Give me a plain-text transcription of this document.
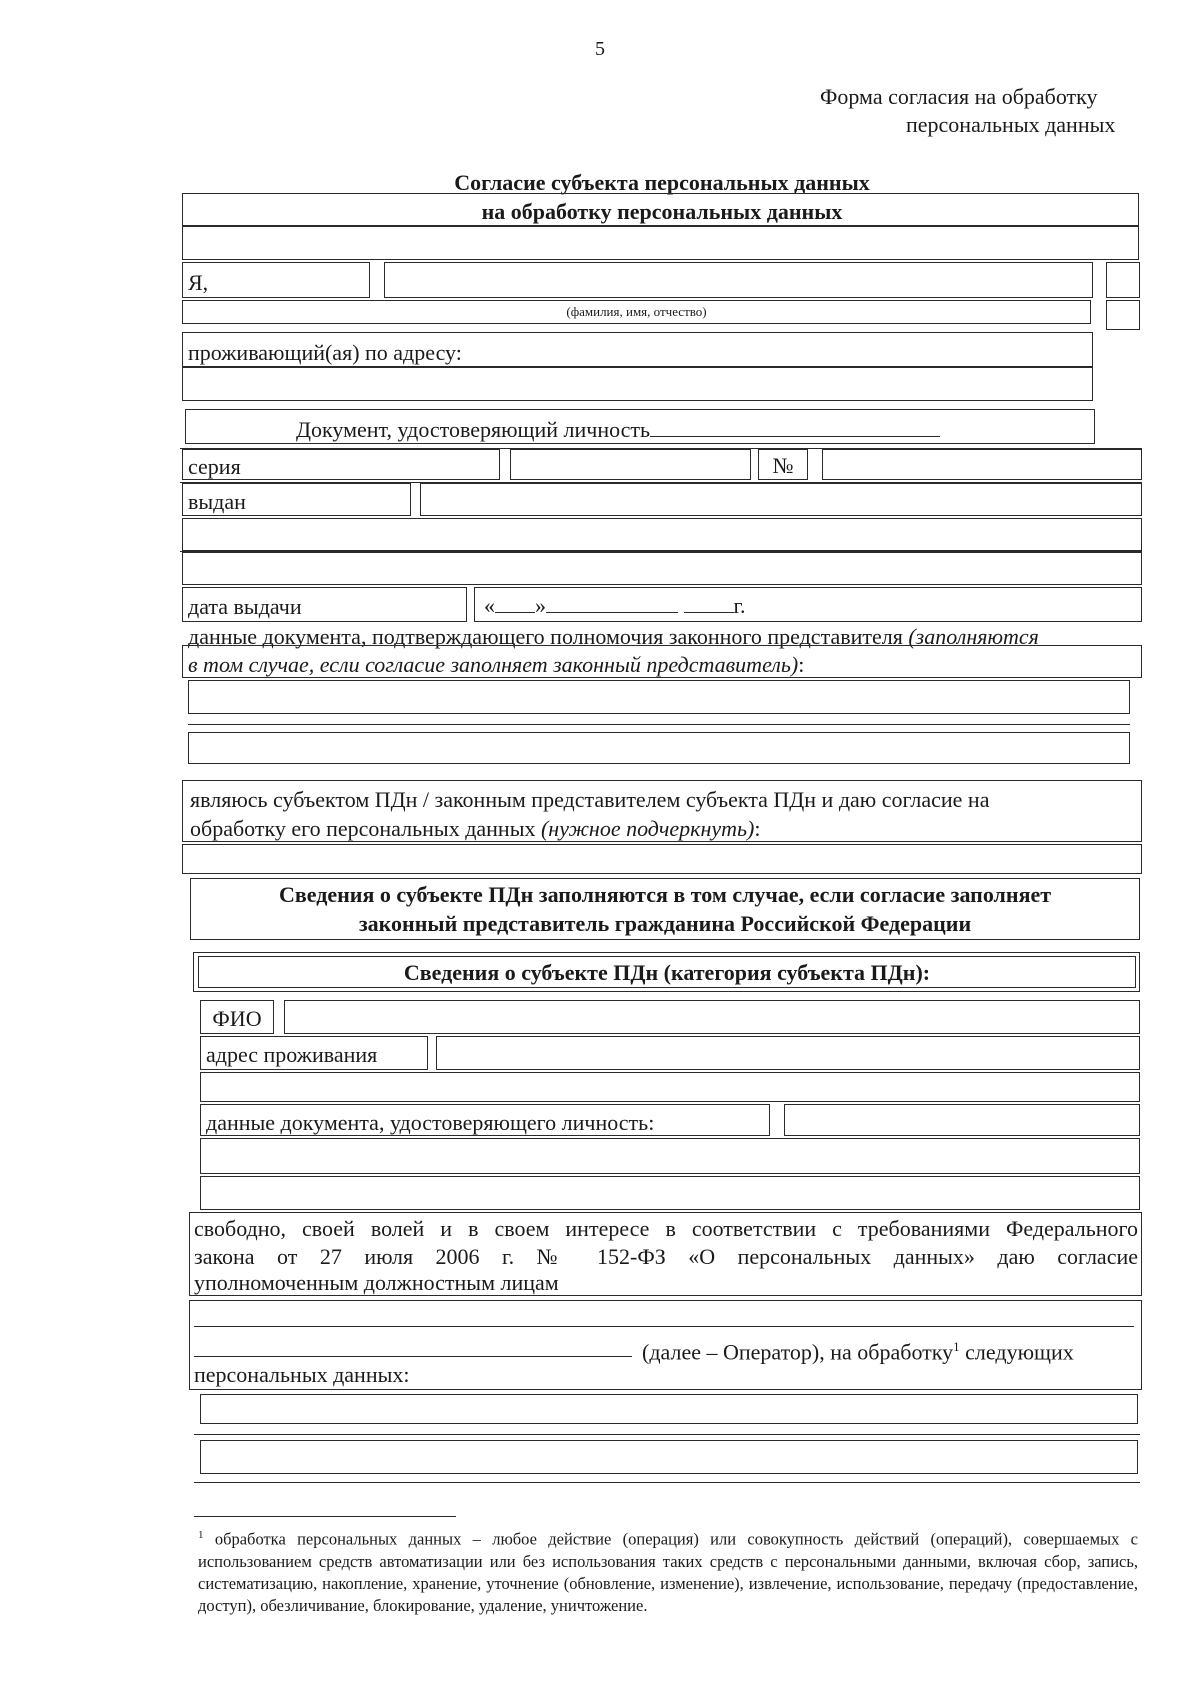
5
Форма согласия на обработку
персональных данных
Согласие субъекта персональных данных
на обработку персональных данных
Я,
(фамилия, имя, отчество)
проживающий(ая) по адресу:
Документ, удостоверяющий личность
серия	№
выдан
дата выдачи	« »	г.
данные документа, подтверждающего полномочия законного представителя (заполняются
в том случае, если согласие заполняет законный представитель):
являюсь субъектом ПДн / законным представителем субъекта ПДн и даю согласие на
обработку его персональных данных (нужное подчеркнуть):
Сведения о субъекте ПДн заполняются в том случае, если согласие заполняет
законный представитель гражданина Российской Федерации
Сведения о субъекте ПДн (категория субъекта ПДн):
ФИО
адрес проживания
данные документа, удостоверяющего личность:
свободно, своей волей и в своем интересе в соответствии с требованиями Федерального
закона от 27 июля 2006 г. № 152-ФЗ «О персональных данных» даю согласие
уполномоченным должностным лицам
(далее – Оператор), на обработку$^1$ следующих
персональных данных:
$^1$ обработка персональных данных – любое действие (операция) или совокупность действий (операций), совершаемых с использованием средств автоматизации или без использования таких средств с персональными данными, включая сбор, запись, систематизацию, накопление, хранение, уточнение (обновление, изменение), извлечение, использование, передачу (предоставление, доступ), обезличивание, блокирование, удаление, уничтожение.
